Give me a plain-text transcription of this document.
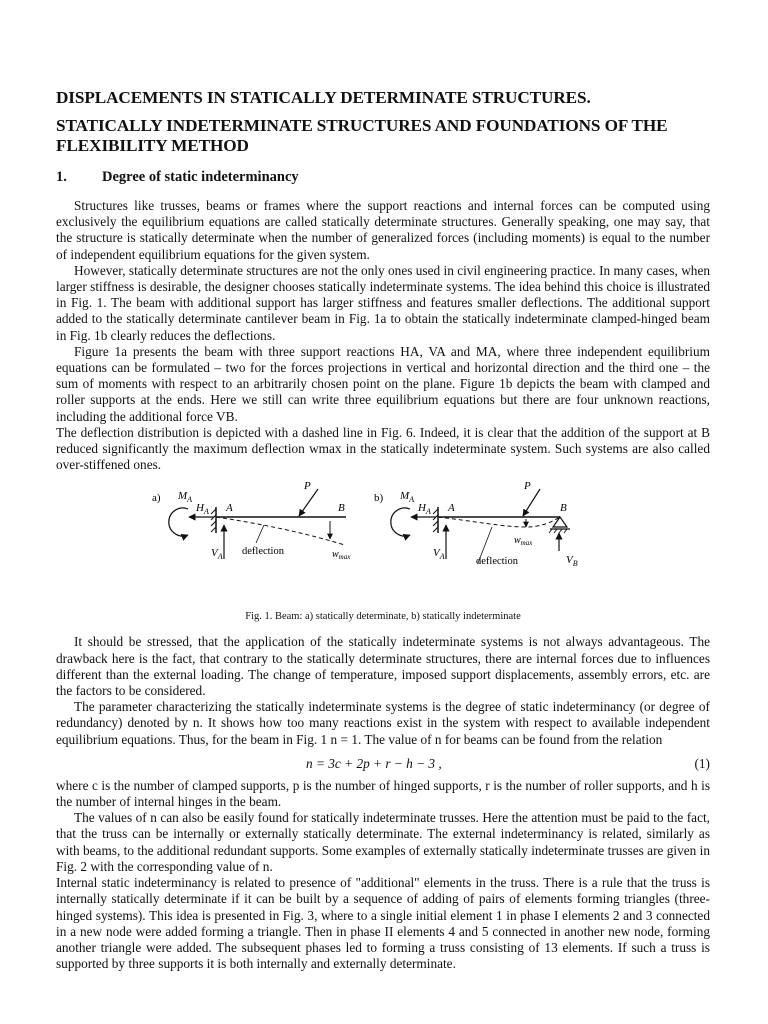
DISPLACEMENTS IN STATICALLY DETERMINATE STRUCTURES.
STATICALLY INDETERMINATE STRUCTURES AND FOUNDATIONS OF THE FLEXIBILITY METHOD
1. Degree of static indeterminancy

Structures like trusses, beams or frames where the support reactions and internal forces can be computed using exclusively the equilibrium equations are called statically determinate structures. Generally speaking, one may say, that the structure is statically determinate when the number of generalized forces (including moments) is equal to the number of independent equilibrium equations for the given system.

However, statically determinate structures are not the only ones used in civil engineering practice. In many cases, when larger stiffness is desirable, the designer chooses statically indeterminate systems. The idea behind this choice is illustrated in Fig. 1. The beam with additional support has larger stiffness and features smaller deflections. The additional support added to the statically determinate cantilever beam in Fig. 1a to obtain the statically indeterminate clamped-hinged beam in Fig. 1b clearly reduces the deflections.

Figure 1a presents the beam with three support reactions HA, VA and MA, where three independent equilibrium equations can be formulated – two for the forces projections in vertical and horizontal direction and the third one – the sum of moments with respect to an arbitrarily chosen point on the plane. Figure 1b depicts the beam with clamped and roller supports at the ends. Here we still can write three equilibrium equations but there are four unknown reactions, including the additional force VB.

The deflection distribution is depicted with a dashed line in Fig. 6. Indeed, it is clear that the addition of the support at B reduced significantly the maximum deflection wmax in the statically indeterminate system. Such systems are also called over-stiffened ones.

a) $M_A$
$H_A$ A	B
P
$w_{max}$
$V_A$ deflection
b) $M_A$
$H_A$ A	B
$V_B$
P
$w_{max}$
$V_A$	deflection
Fig. 1. Beam: a) statically determinate, b) statically indeterminate

It should be stressed, that the application of the statically indeterminate systems is not always advantageous. The drawback here is the fact, that contrary to the statically determinate structures, there are internal forces due to influences different than the external loading. The change of temperature, imposed support displacements, assembly errors, etc. are the factors to be considered.

The parameter characterizing the statically indeterminate systems is the degree of static indeterminancy (or degree of redundancy) denoted by n. It shows how too many reactions exist in the system with respect to available independent equilibrium equations. Thus, for the beam in Fig. 1 n = 1. The value of n for beams can be found from the relation

n = 3c + 2p + r − h − 3 ,	(1)

where c is the number of clamped supports, p is the number of hinged supports, r is the number of roller supports, and h is the number of internal hinges in the beam.

The values of n can also be easily found for statically indeterminate trusses. Here the attention must be paid to the fact, that the truss can be internally or externally statically determinate. The external indeterminancy is related, similarly as with beams, to the additional redundant supports. Some examples of externally statically indeterminate trusses are given in Fig. 2 with the corresponding value of n.

Internal static indeterminancy is related to presence of "additional" elements in the truss. There is a rule that the truss is internally statically determinate if it can be built by a sequence of adding of pairs of elements forming triangles (three-hinged systems). This idea is presented in Fig. 3, where to a single initial element 1 in phase I elements 2 and 3 connected in a new node were added forming a triangle. Then in phase II elements 4 and 5 connected in another new node, forming another triangle were added. The subsequent phases led to forming a truss consisting of 13 elements. If such a truss is supported by three supports it is both internally and externally determinate.
